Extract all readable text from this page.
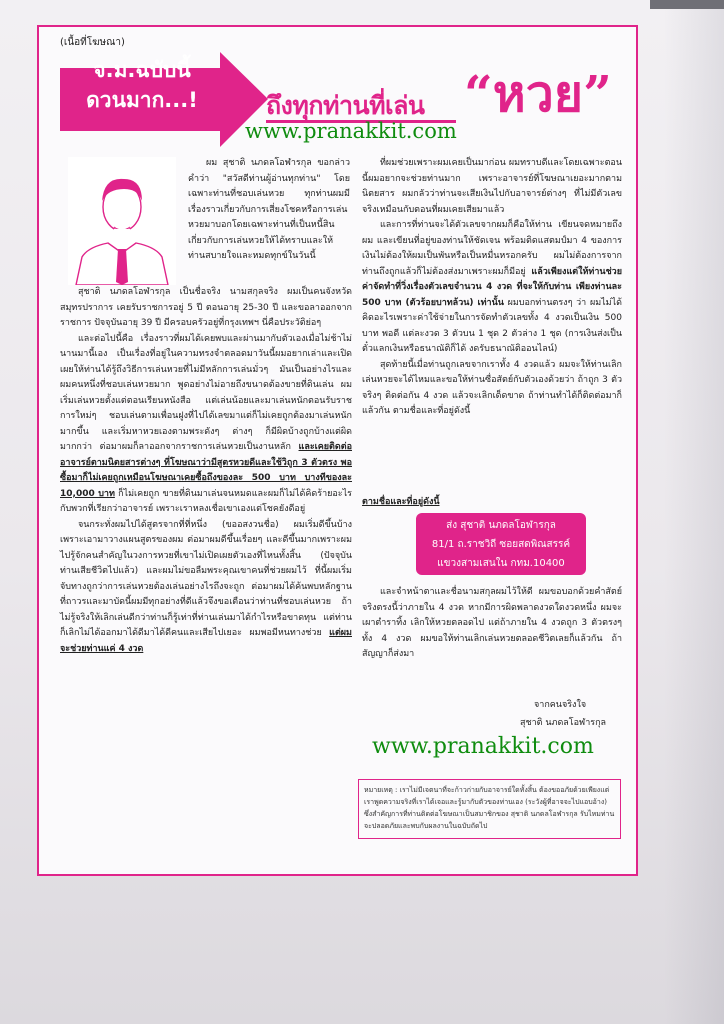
(เนื้อที่โฆษณา)
จ.ม.ฉบับนี้
ดวนมาก...!	ถึงทุกท่านที่เล่น “หวย”
www.pranakkit.com

ผม สุชาติ นภดลโอฬารกุล ขอกล่าวคำว่า "สวัสดีท่านผู้อ่านทุกท่าน" โดยเฉพาะท่านที่ชอบเล่นหวย ทุกท่านผมมีเรื่องราวเกี่ยวกับการเสี่ยงโชคหรือการเล่นหวยมาบอกโดยเฉพาะท่านที่เป็นหนี้สินเกี่ยวกับการเล่นหวยให้ได้ทราบและให้ท่านสบายใจและหมดทุกข์ในวันนี้

สุชาติ นภดลโอฬารกุล เป็นชื่อจริง นามสกุลจริง ผมเป็นคนจังหวัดสมุทรปราการ เคยรับราชการอยู่ 5 ปี ตอนอายุ 25-30 ปี และขอลาออกจากราชการ ปัจจุบันอายุ 39 ปี มีครอบครัวอยู่ที่กรุงเทพฯ นี่คือประวัติย่อๆ

และต่อไปนี้คือ เรื่องราวที่ผมได้เคยพบและผ่านมากับตัวเองเมื่อไม่ช้าไม่นานมานี้เอง เป็นเรื่องที่อยู่ในความทรงจำตลอดมาวันนี้ผมอยากเล่าและเปิดเผยให้ท่านได้รู้ถึงวิธีการเล่นหวยที่ไม่มีหลักการเล่นมั่วๆ มันเป็นอย่างไรและผมคนหนึ่งที่ชอบเล่นหวยมาก พูดอย่างไม่อายถึงขนาดต้องขายที่ดินเล่น ผมเริ่มเล่นหวยตั้งแต่ตอนเรียนหนังสือ แต่เล่นน้อยและมาเล่นหนักตอนรับราชการใหม่ๆ ชอบเล่นตามเพื่อนฝูงที่ไปได้เลขมาแต่ก็ไม่เคยถูกต้องมาเล่นหนักมากขึ้น และเริ่มหาหวยเองตามพระดังๆ ต่างๆ ก็มีผิดบ้างถูกบ้างแต่ผิดมากกว่า ต่อมาผมก็ลาออกจากราชการเล่นหวยเป็นงานหลัก และเคยติดต่ออาจารย์ตามนิตยสารต่างๆ ที่โฆษณาว่ามีสูตรหวยดีและใช้วิถูก 3 ตัวตรง พอซื้อมาก็ไม่เคยถูกเหมือนโฆษณาเคยซื้อถึงของละ 500 บาท บางทีของละ 10,000 บาท ก็ไม่เคยถูก ขายที่ดินมาเล่นจนหมดและผมก็ไม่ได้คิดร้ายอะไรกับพวกที่เรียกว่าอาจารย์ เพราะเราหลงเชื่อเขาเองแต่โชคยังดีอยู่

จนกระทั่งผมไปได้สูตรจากที่ที่หนึ่ง (ขออสงวนชื่อ) ผมเริ่มดีขึ้นบ้าง เพราะเอามาวางแผนสูตรของผม ต่อมาผมดีขึ้นเรื่อยๆ และดีขึ้นมากเพราะผมไปรู้จักคนสำคัญในวงการหวยที่เขาไม่เปิดเผยตัวเองที่ไหนทั้งสิ้น (ปัจจุบันท่านเสียชีวิตไปแล้ว) และผมไม่ขอลืมพระคุณเขาคนที่ช่วยผมไว้ ที่นี้ผมเริ่มจับทางถูกว่าการเล่นหวยต้องเล่นอย่างไรถึงจะถูก ต่อมาผมได้ค้นพบหลักฐานที่ถาวรและมาบัดนี้ผมมีทุกอย่างที่ดีแล้วจึงขอเตือนว่าท่านที่ชอบเล่นหวย ถ้าไม่รู้จริงให้เลิกเล่นดีกว่าท่านก็รู้เท่าที่ท่านเล่นมาได้กำไรหรือขาดทุน แต่ท่านก็เลิกไม่ได้ออกมาได้ดีมาได้ดีคนและเสียไปเยอะ ผมพอมีหนทางช่วย แต่ผมจะช่วยท่านแค่ 4 งวด

ที่ผมช่วยเพราะผมเคยเป็นมาก่อน ผมทราบดีและโดยเฉพาะตอนนี้ผมอยากจะช่วยท่านมาก เพราะอาจารย์ที่โฆษณาเยอะมากตามนิตยสาร ผมกลัวว่าท่านจะเสียเงินไปกับอาจารย์ต่างๆ ที่ไม่มีตัวเลขจริงเหมือนกับตอนที่ผมเคยเสียมาแล้ว

และการที่ท่านจะได้ตัวเลขจากผมก็คือให้ท่าน เขียนจดหมายถึงผม และเขียนที่อยู่ของท่านให้ชัดเจน พร้อมติดแสตมป์มา 4 ของการเงินไม่ต้องให้ผมเป็นพันหรือเป็นหมื่นหรอกครับ ผมไม่ต้องการจากท่านถึงถูกแล้วก็ไม่ต้องส่งมาเพราะผมก็มีอยู่ แล้วเพียงแต่ให้ท่านช่วยค่าจัดทำที่วิ่งเรื่องตัวเลขจำนวน 4 งวด ที่จะให้กับท่าน เพียงท่านละ 500 บาท (ตัวร้อยบาทล้วน) เท่านั้น ผมบอกท่านตรงๆ ว่า ผมไม่ได้คิดอะไรเพราะค่าใช้จ่ายในการจัดทำตัวเลขทั้ง 4 งวดเป็นเงิน 500 บาท พอดี แต่ละงวด 3 ตัวบน 1 ชุด 2 ตัวล่าง 1 ชุด (การเงินส่งเป็นตั๋วแลกเงินหรือธนาณัติก็ได้ งดรับธนาณัติออนไลน์)

สุดท้ายนี้เมื่อท่านถูกเลขจากเราทั้ง 4 งวดแล้ว ผมจะให้ท่านเลิกเล่นหวยจะได้ไหมและขอให้ท่านซื่อสัตย์กับตัวเองด้วยว่า ถ้าถูก 3 ตัวจริงๆ ติดต่อกัน 4 งวด แล้วจะเลิกเด็ดขาด ถ้าท่านทำได้ก็ติดต่อมาก็แล้วกัน ตามชื่อและที่อยู่ดังนี้

ตามชื่อและที่อยู่ดังนี้
ส่ง สุชาติ นภดลโอฬารกุล
81/1 ถ.ราชวิถี ซอยสดพิณสรรค์
แขวงสามเสนใน กทม.10400

และจำหน้าตาและชื่อนามสกุลผมไว้ให้ดี ผมขอบอกด้วยคำสัตย์จริงตรงนี้ว่าภายใน 4 งวด หากมีการผิดพลาดงวดใดงวดหนึ่ง ผมจะเผาตำราทิ้ง เลิกให้หวยตลอดไป แต่ถ้าภายใน 4 งวดถูก 3 ตัวตรงๆ ทั้ง 4 งวด ผมขอให้ท่านเลิกเล่นหวยตลอดชีวิตเลยก็แล้วกัน ถ้าสัญญาก็ส่งมา

จากคนจริงใจ
สุชาติ นภดลโอฬารกุล
www.pranakkit.com
หมายเหตุ : เราไม่มีเจตนาที่จะก้าวก่ายกับอาจารย์ใดทั้งสิ้น ต้องขออภัยด้วยเพียงแต่เราพูดความจริงที่เราได้เจอและรู้มากับตัวของท่านเอง (ระวังผู้ที่อาจจะไปแอบอ้าง) ซึ่งสำคัญการที่ท่านติดต่อโฆษณาเป็นสมาชิกของ สุชาติ นภดลโอฬารกุล รับไหมท่านจะปลอดภัยและพบกับผลงานในฉบับถัดไป
